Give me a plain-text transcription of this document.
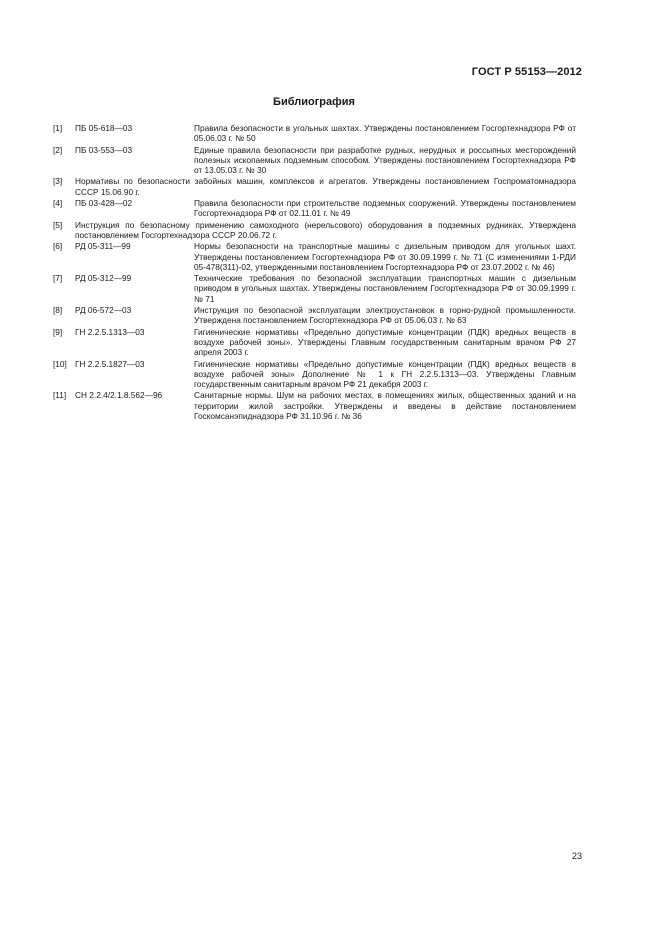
ГОСТ Р 55153—2012
Библиография
[1] ПБ 05-618—03	Правила безопасности в угольных шахтах. Утверждены постановлением Госгортехнадзора РФ от 05.06.03 г. № 50
[2] ПБ 03-553—03	Единые правила безопасности при разработке рудных, нерудных и россыпных месторождений полезных ископаемых подземным способом. Утверждены постановлением Госгортехнадзора РФ от 13.05.03 г. № 30
[3] Нормативы по безопасности забойных машин, комплексов и агрегатов. Утверждены постановлением Госпроматомнадзора СССР 15.06.90 г.
[4] ПБ 03-428—02	Правила безопасности при строительстве подземных сооружений. Утверждены постановлением Госгортехнадзора РФ от 02.11.01 г. № 49
[5] Инструкция по безопасному применению самоходного (нерельсового) оборудования в подземных рудниках. Утверждена постановлением Госгортехнадзора СССР 20.06.72 г.
[6] РД 05-311—99	Нормы безопасности на транспортные машины с дизельным приводом для угольных шахт. Утверждены постановлением Госгортехнадзора РФ от 30.09.1999 г. № 71 (С изменениями 1-РДИ 05-478(311)-02, утвержденными постановлением Госгортехнадзора РФ от 23.07.2002 г. № 46)
[7] РД 05-312—99	Технические требования по безопасной эксплуатации транспортных машин с дизельным приводом в угольных шахтах. Утверждены постановлением Госгортехнадзора РФ от 30.09.1999 г. № 71
[8] РД 06-572—03	Инструкция по безопасной эксплуатации электроустановок в горно-рудной промышленности. Утверждена постановлением Госгортехнадзора РФ от 05.06.03 г. № 63
[9] ГН 2.2.5.1313—03	Гигиенические нормативы «Предельно допустимые концентрации (ПДК) вредных веществ в воздухе рабочей зоны». Утверждены Главным государственным санитарным врачом РФ 27 апреля 2003 г.
[10] ГН 2.2.5.1827—03	Гигиенические нормативы «Предельно допустимые концентрации (ПДК) вредных веществ в воздухе рабочей зоны» Дополнение № 1 к ГН 2.2.5.1313—03. Утверждены Главным государственным санитарным врачом РФ 21 декабря 2003 г.
[11] СН 2.2.4/2.1.8.562—96	Санитарные нормы. Шум на рабочих местах, в помещениях жилых, общественных зданий и на территории жилой застройки. Утверждены и введены в действие постановлением Госкомсанэпиднадзора РФ 31.10.96 г. № 36
23
